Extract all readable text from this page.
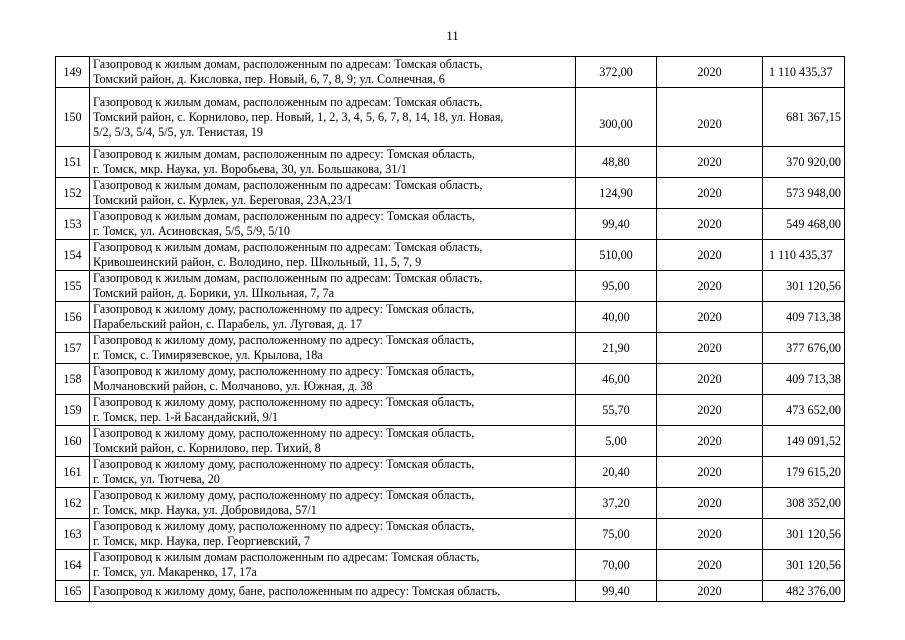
11
149	Газопровод к жилым домам, расположенным по адресам: Томская область,
Томский район, д. Кисловка, пер. Новый, 6, 7, 8, 9; ул. Солнечная, 6	372,00	2020	1 110 435,37
150	Газопровод к жилым домам, расположенным по адресам: Томская область,
Томский район, с. Корнилово, пер. Новый, 1, 2, 3, 4, 5, 6, 7, 8, 14, 18, ул. Новая,
5/2, 5/3, 5/4, 5/5, ул. Тенистая, 19	300,00	2020	681 367,15
151	Газопровод к жилым домам, расположенным по адресу: Томская область,
г. Томск, мкр. Наука, ул. Воробьева, 30, ул. Большакова, 31/1	48,80	2020	370 920,00
152	Газопровод к жилым домам, расположенным по адресам: Томская область,
Томский район, с. Курлек, ул. Береговая, 23А,23/1	124,90	2020	573 948,00
153	Газопровод к жилым домам, расположенным по адресу: Томская область,
г. Томск, ул. Асиновская, 5/5, 5/9, 5/10	99,40	2020	549 468,00
154	Газопровод к жилым домам, расположенным по адресам: Томская область,
Кривошеинский район, с. Володино, пер. Школьный, 11, 5, 7, 9	510,00	2020	1 110 435,37
155	Газопровод к жилым домам, расположенным по адресам: Томская область,
Томский район, д. Борики, ул. Школьная, 7, 7а	95,00	2020	301 120,56
156	Газопровод к жилому дому, расположенному по адресу: Томская область,
Парабельский район, с. Парабель, ул. Луговая, д. 17	40,00	2020	409 713,38
157	Газопровод к жилому дому, расположенному по адресу: Томская область,
г. Томск, с. Тимирязевское, ул. Крылова, 18а	21,90	2020	377 676,00
158	Газопровод к жилому дому, расположенному по адресу: Томская область,
Молчановский район, с. Молчаново, ул. Южная, д. 38	46,00	2020	409 713,38
159	Газопровод к жилому дому, расположенному по адресу: Томская область,
г. Томск, пер. 1-й Басандайский, 9/1	55,70	2020	473 652,00
160	Газопровод к жилому дому, расположенному по адресу: Томская область,
Томский район, с. Корнилово, пер. Тихий, 8	5,00	2020	149 091,52
161	Газопровод к жилому дому, расположенному по адресу: Томская область,
г. Томск, ул. Тютчева, 20	20,40	2020	179 615,20
162	Газопровод к жилому дому, расположенному по адресу: Томская область,
г. Томск, мкр. Наука, ул. Добровидова, 57/1	37,20	2020	308 352,00
163	Газопровод к жилому дому, расположенному по адресу: Томская область,
г. Томск, мкр. Наука, пер. Георгиевский, 7	75,00	2020	301 120,56
164	Газопровод к жилым домам расположенным по адресам: Томская область,
г. Томск, ул. Макаренко, 17, 17а	70,00	2020	301 120,56
165	Газопровод к жилому дому, бане, расположенным по адресу: Томская область,	99,40	2020	482 376,00
